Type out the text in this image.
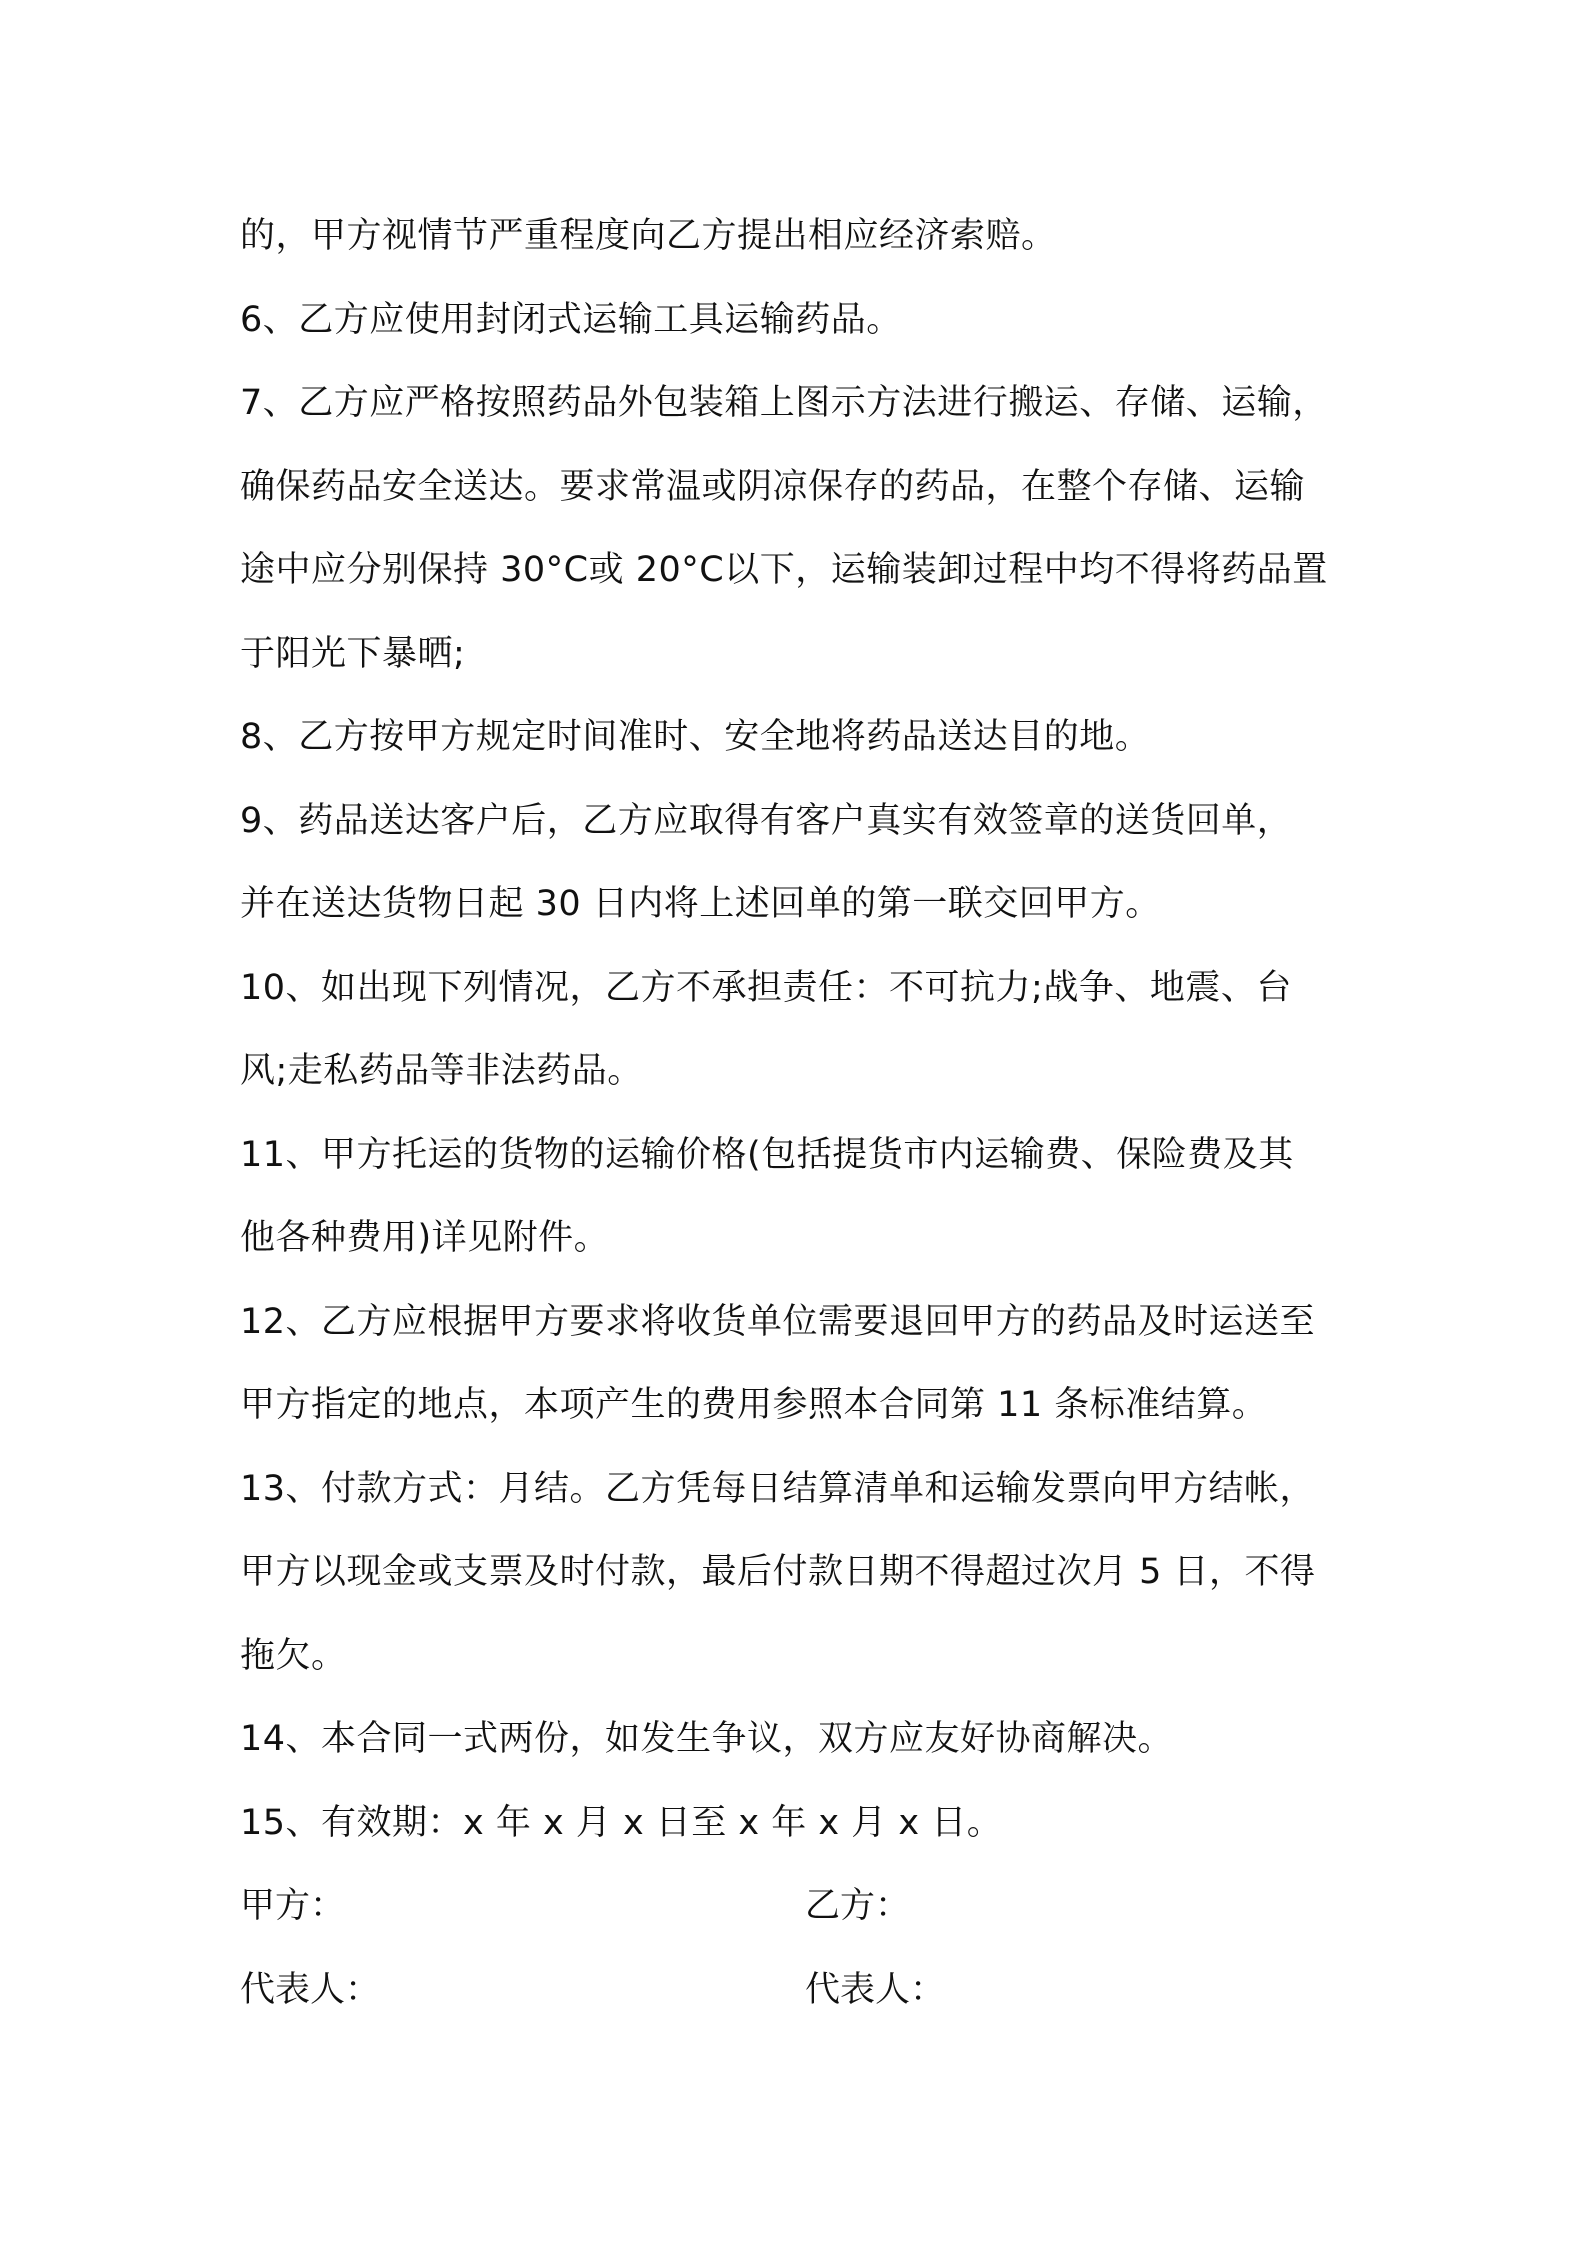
的，甲方视情节严重程度向乙方提出相应经济索赔。
6、乙方应使用封闭式运输工具运输药品。
7、乙方应严格按照药品外包装箱上图示方法进行搬运、存储、运输，
确保药品安全送达。要求常温或阴凉保存的药品，在整个存储、运输
途中应分别保持 30°C或 20°C以下，运输装卸过程中均不得将药品置
于阳光下暴晒;
8、乙方按甲方规定时间准时、安全地将药品送达目的地。
9、药品送达客户后，乙方应取得有客户真实有效签章的送货回单，
并在送达货物日起 30 日内将上述回单的第一联交回甲方。
10、如出现下列情况，乙方不承担责任：不可抗力;战争、地震、台
风;走私药品等非法药品。
11、甲方托运的货物的运输价格(包括提货市内运输费、保险费及其
他各种费用)详见附件。
12、乙方应根据甲方要求将收货单位需要退回甲方的药品及时运送至
甲方指定的地点，本项产生的费用参照本合同第 11 条标准结算。
13、付款方式：月结。乙方凭每日结算清单和运输发票向甲方结帐，
甲方以现金或支票及时付款，最后付款日期不得超过次月 5 日，不得
拖欠。
14、本合同一式两份，如发生争议，双方应友好协商解决。
15、有效期：x 年 x 月 x 日至 x 年 x 月 x 日。
甲方：	乙方：
代表人：	代表人：
